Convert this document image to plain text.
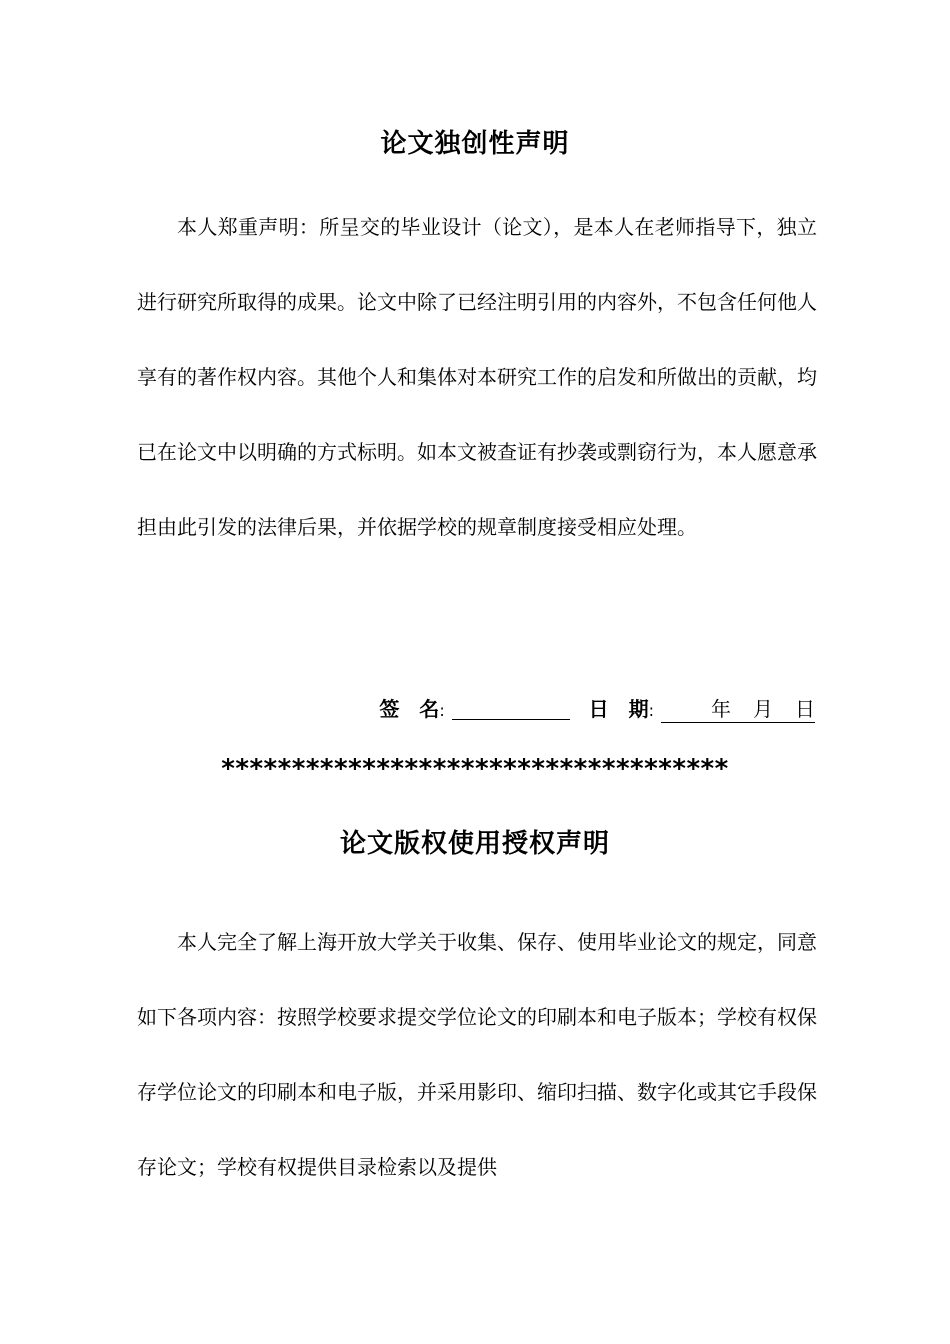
论文独创性声明

本人郑重声明：所呈交的毕业设计（论文），是本人在老师指导下，独立进行研究所取得的成果。论文中除了已经注明引用的内容外，不包含任何他人享有的著作权内容。其他个人和集体对本研究工作的启发和所做出的贡献，均已在论文中以明确的方式标明。如本文被查证有抄袭或剽窃行为，本人愿意承担由此引发的法律后果，并依据学校的规章制度接受相应处理。

签　名:	日　期:	年 月 日
************************************
论文版权使用授权声明

本人完全了解上海开放大学关于收集、保存、使用毕业论文的规定，同意如下各项内容：按照学校要求提交学位论文的印刷本和电子版本；学校有权保存学位论文的印刷本和电子版，并采用影印、缩印扫描、数字化或其它手段保存论文；学校有权提供目录检索以及提供
